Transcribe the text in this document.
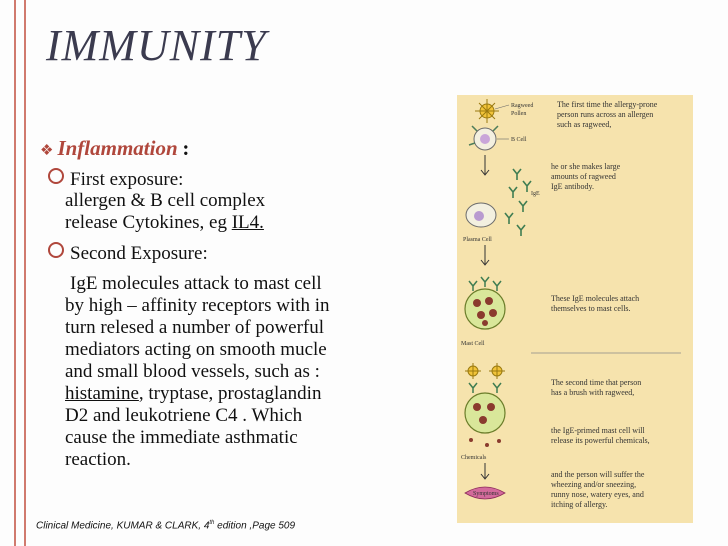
IMMUNITY
❖ Inflammation :
First exposure:
allergen & B cell complex
release Cytokines, eg IL4.
Second Exposure:
IgE molecules attack to mast cell
by high – affinity receptors with in
turn relesed a number of powerful
mediators acting on smooth mucle
and small blood vessels, such as :
histamine, tryptase, prostaglandin
D2 and leukotriene C4 . Which
cause the immediate asthmatic
reaction.
Clinical Medicine, KUMAR & CLARK, 4th edition ,Page 509
Ragweed
Pollen
B Cell
IgE
Plasma Cell
Mast Cell
Chemicals
Symptoms
The first time the allergy-prone
person runs across an allergen
such as ragweed,
he or she makes large
amounts of ragweed
IgE antibody.
These IgE molecules attach
themselves to mast cells.
The second time that person
has a brush with ragweed,
the IgE-primed mast cell will
release its powerful chemicals,
and the person will suffer the
wheezing and/or sneezing,
runny nose, watery eyes, and
itching of allergy.
